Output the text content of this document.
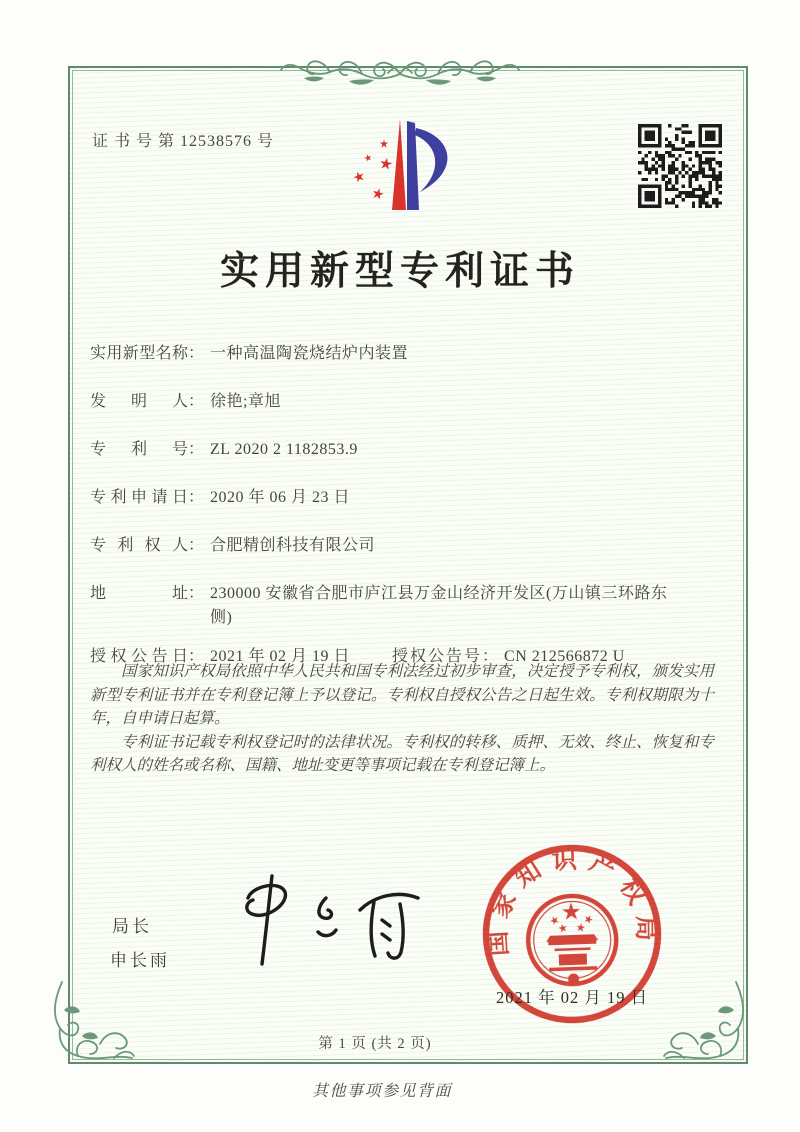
证 书 号 第 12538576 号
实用新型专利证书
实用新型名称 ： 一种高温陶瓷烧结炉内装置
发明人 ： 徐艳;章旭
专利号 ： ZL 2020 2 1182853.9
专利申请日 ： 2020 年 06 月 23 日
专利权人 ： 合肥精创科技有限公司
地址 ： 230000 安徽省合肥市庐江县万金山经济开发区(万山镇三环路东侧)
授权公告日 ： 2021 年 02 月 19 日	授权公告号 ： CN 212566872 U

国家知识产权局依照中华人民共和国专利法经过初步审查，决定授予专利权，颁发实用新型专利证书并在专利登记簿上予以登记。专利权自授权公告之日起生效。专利权期限为十年，自申请日起算。

专利证书记载专利权登记时的法律状况。专利权的转移、质押、无效、终止、恢复和专利权人的姓名或名称、国籍、地址变更等事项记载在专利登记簿上。

局长
申长雨
国家知识产权局
2021 年 02 月 19 日
第 1 页 (共 2 页)
其他事项参见背面
